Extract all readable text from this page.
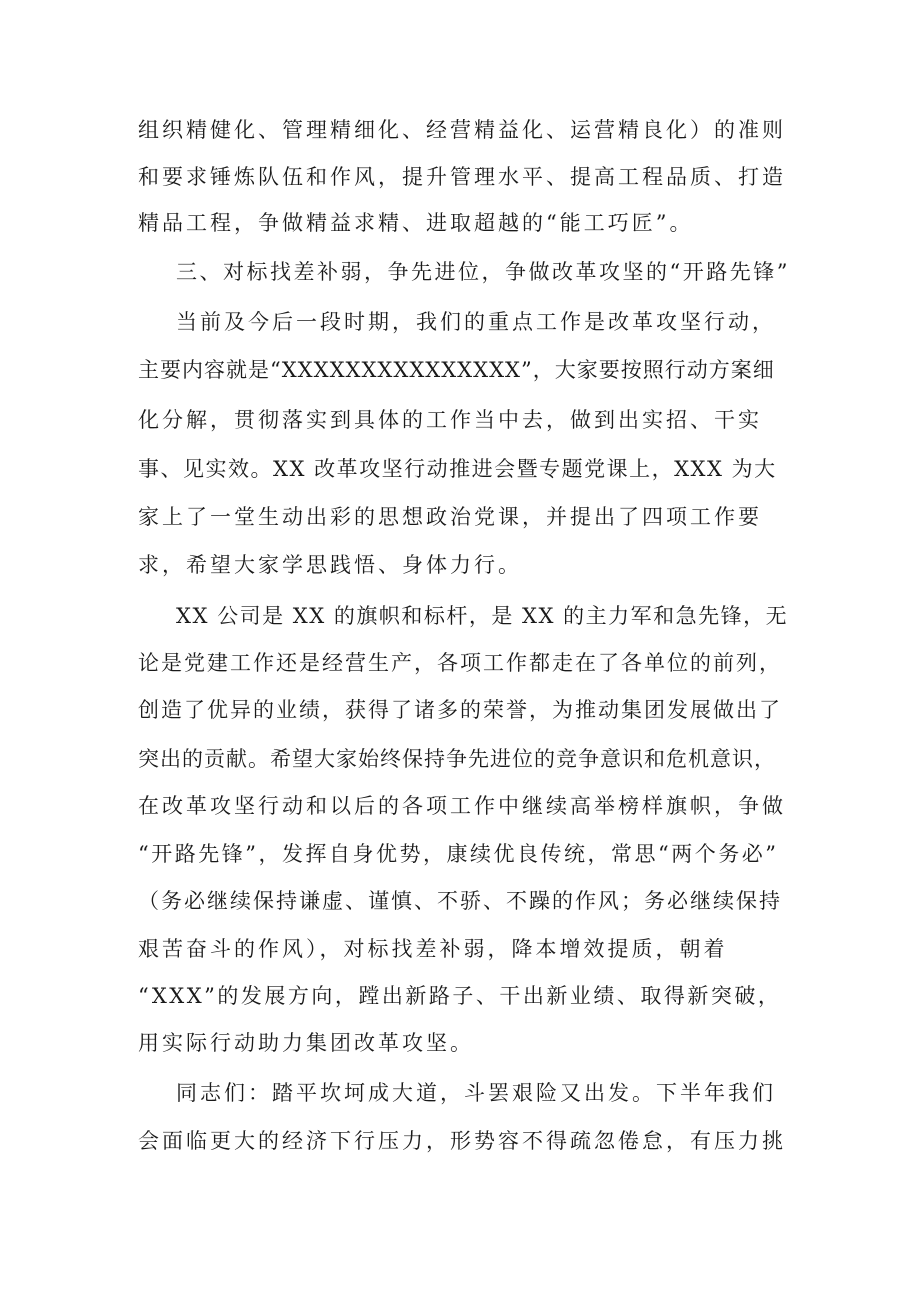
组织精健化、管理精细化、经营精益化、运营精良化）的准则
和要求锤炼队伍和作风，提升管理水平、提高工程品质、打造
精品工程，争做精益求精、进取超越的“能工巧匠”。
三、对标找差补弱，争先进位，争做改革攻坚的“开路先锋”
当前及今后一段时期，我们的重点工作是改革攻坚行动，
主要内容就是“XXXXXXXXXXXXXXX”，大家要按照行动方案细
化分解，贯彻落实到具体的工作当中去，做到出实招、干实
事、见实效。XX 改革攻坚行动推进会暨专题党课上，XXX 为大
家上了一堂生动出彩的思想政治党课，并提出了四项工作要
求，希望大家学思践悟、身体力行。
XX 公司是 XX 的旗帜和标杆，是 XX 的主力军和急先锋，无
论是党建工作还是经营生产，各项工作都走在了各单位的前列，
创造了优异的业绩，获得了诸多的荣誉，为推动集团发展做出了
突出的贡献。希望大家始终保持争先进位的竞争意识和危机意识，
在改革攻坚行动和以后的各项工作中继续高举榜样旗帜，争做
“开路先锋”，发挥自身优势，康续优良传统，常思“两个务必”
（务必继续保持谦虚、谨慎、不骄、不躁的作风；务必继续保持
艰苦奋斗的作风），对标找差补弱，降本增效提质，朝着
“XXX”的发展方向，蹚出新路子、干出新业绩、取得新突破，
用实际行动助力集团改革攻坚。
同志们：踏平坎坷成大道，斗罢艰险又出发。下半年我们
会面临更大的经济下行压力，形势容不得疏忽倦怠，有压力挑
